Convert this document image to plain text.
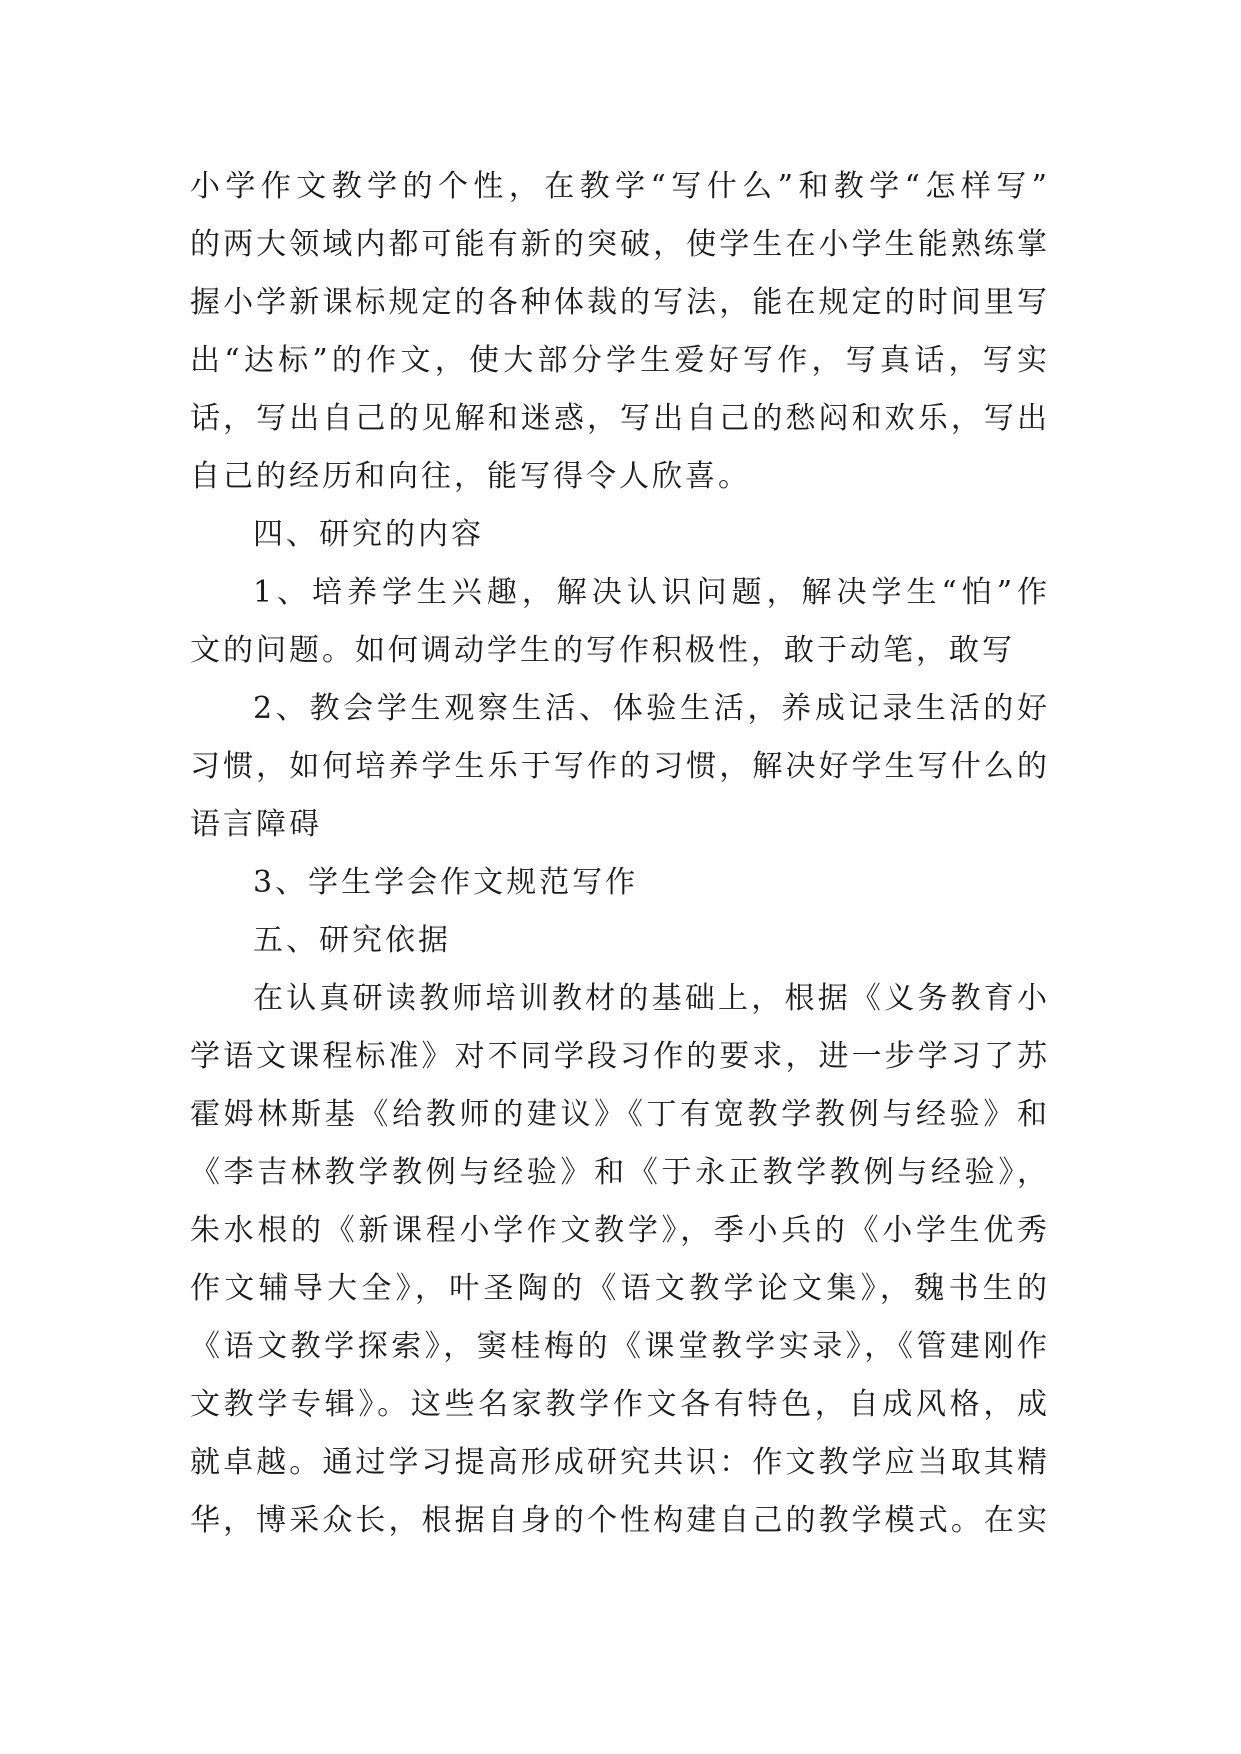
小学作文教学的个性，在教学“写什么”和教学“怎样写”
的两大领域内都可能有新的突破，使学生在小学生能熟练掌
握小学新课标规定的各种体裁的写法，能在规定的时间里写
出“达标”的作文，使大部分学生爱好写作，写真话，写实
话，写出自己的见解和迷惑，写出自己的愁闷和欢乐，写出
自己的经历和向往，能写得令人欣喜。
四、研究的内容
1、培养学生兴趣，解决认识问题，解决学生“怕”作
文的问题。如何调动学生的写作积极性，敢于动笔，敢写
2、教会学生观察生活、体验生活，养成记录生活的好
习惯，如何培养学生乐于写作的习惯，解决好学生写什么的
语言障碍
3、学生学会作文规范写作
五、研究依据
在认真研读教师培训教材的基础上，根据《义务教育小
学语文课程标准》对不同学段习作的要求，进一步学习了苏
霍姆林斯基《给教师的建议》《丁有宽教学教例与经验》和
《李吉林教学教例与经验》和《于永正教学教例与经验》，
朱水根的《新课程小学作文教学》，季小兵的《小学生优秀
作文辅导大全》，叶圣陶的《语文教学论文集》，魏书生的
《语文教学探索》，窦桂梅的《课堂教学实录》，《管建刚作
文教学专辑》。这些名家教学作文各有特色，自成风格，成
就卓越。通过学习提高形成研究共识：作文教学应当取其精
华，博采众长，根据自身的个性构建自己的教学模式。在实
